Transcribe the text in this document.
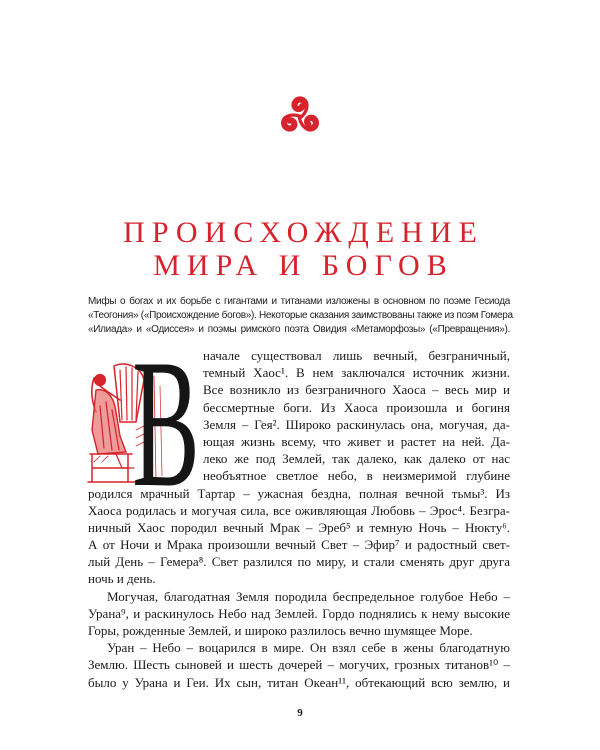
ПРОИСХОЖДЕНИЕ
МИРА И БОГОВ
Мифы о богах и их борьбе с гигантами и титанами изложены в основном по поэме Гесиода
«Теогония» («Происхождение богов»). Некоторые сказания заимствованы также из поэм Гомера
«Илиада» и «Одиссея» и поэмы римского поэта Овидия «Метаморфозы» («Превращения»).
В начале существовал лишь вечный, безграничный,
темный Хаос¹. В нем заключался источник жизни.
Все возникло из безграничного Хаоса – весь мир и
бессмертные боги. Из Хаоса произошла и богиня
Земля – Гея². Широко раскинулась она, могучая, да-
ющая жизнь всему, что живет и растет на ней. Да-
леко же под Землей, так далеко, как далеко от нас
необъятное светлое небо, в неизмеримой глубине
родился мрачный Тартар – ужасная бездна, полная вечной тьмы³. Из
Хаоса родилась и могучая сила, все оживляющая Любовь – Эрос⁴. Безгра-
ничный Хаос породил вечный Мрак – Эреб⁵ и темную Ночь – Нюкту⁶.
А от Ночи и Мрака произошли вечный Свет – Эфир⁷ и радостный свет-
лый День – Гемера⁸. Свет разлился по миру, и стали сменять друг друга
ночь и день.
Могучая, благодатная Земля породила беспредельное голубое Небо –
Урана⁹, и раскинулось Небо над Землей. Гордо поднялись к нему высокие
Горы, рожденные Землей, и широко разлилось вечно шумящее Море.
Уран – Небо – воцарился в мире. Он взял себе в жены благодатную
Землю. Шесть сыновей и шесть дочерей – могучих, грозных титанов¹⁰ –
было у Урана и Геи. Их сын, титан Океан¹¹, обтекающий всю землю, и
9
